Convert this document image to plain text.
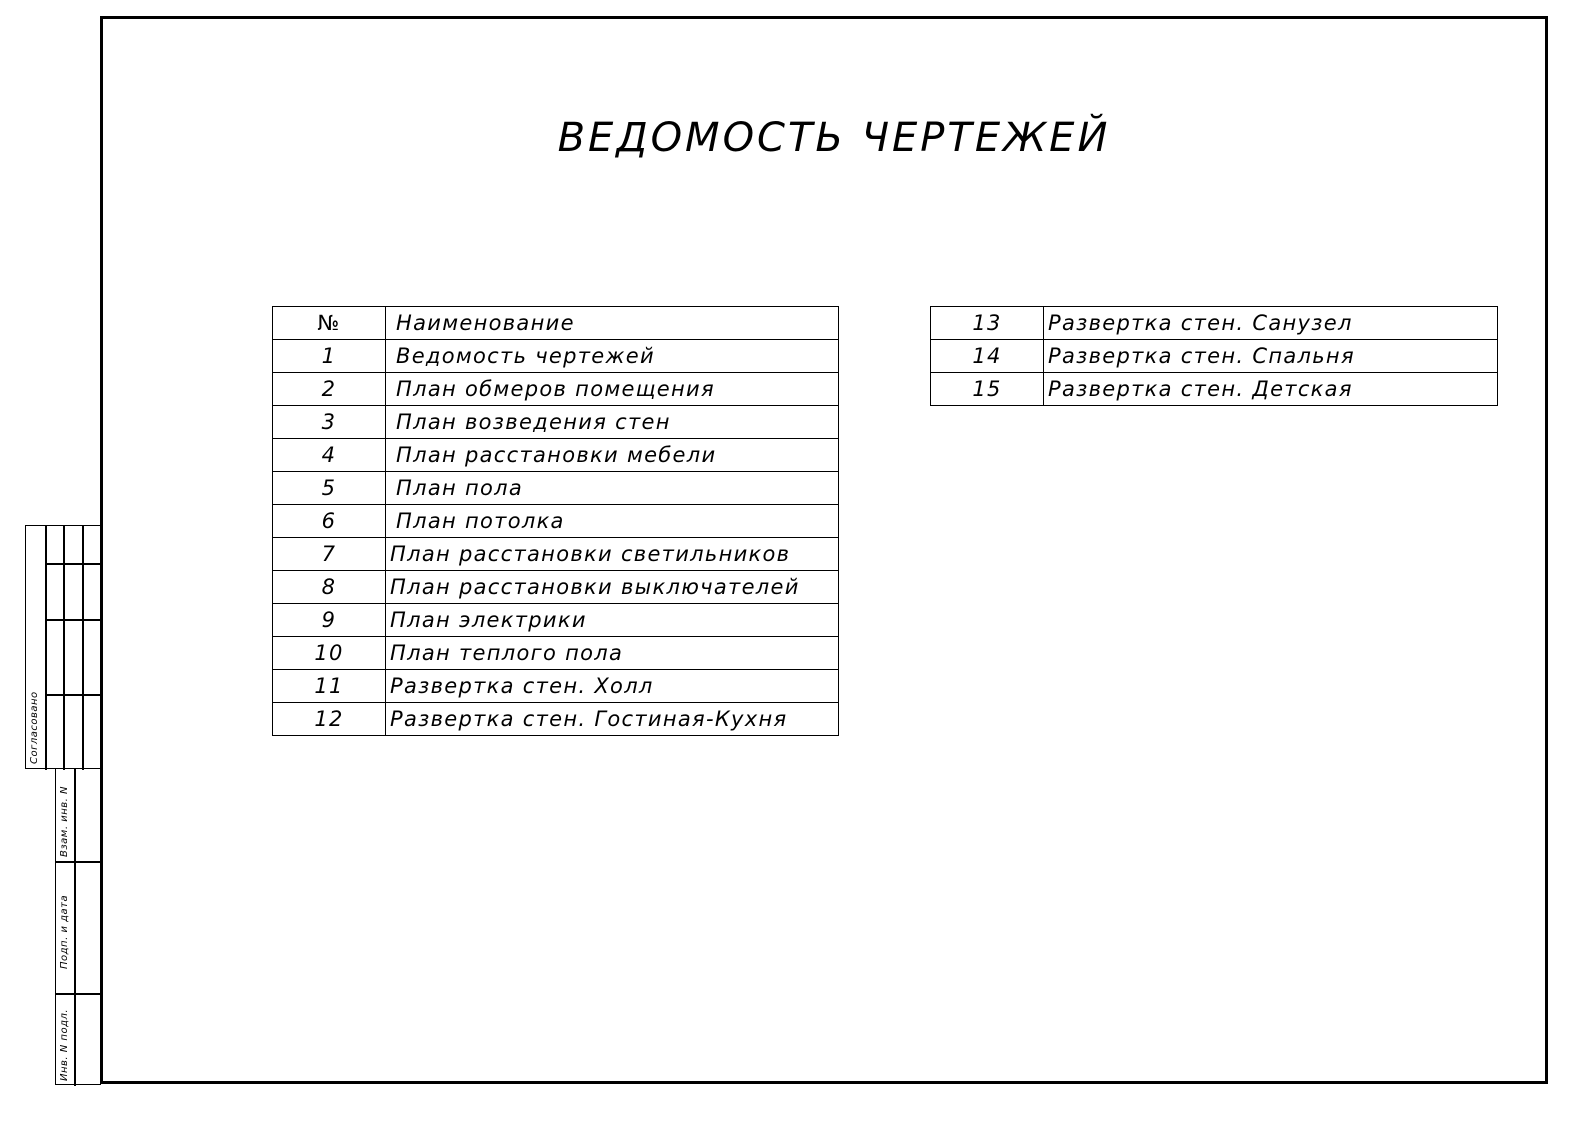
ВЕДОМОСТЬ ЧЕРТЕЖЕЙ
№	Наименование
1	Ведомость чертежей
2	План обмеров помещения
3	План возведения стен
4	План расстановки мебели
5	План пола
6	План потолка
7	План расстановки светильников
8	План расстановки выключателей
9	План электрики
10	План теплого пола
11	Развертка стен. Холл
12	Развертка стен. Гостиная-Кухня
13	Развертка стен. Санузел
14	Развертка стен. Спальня
15	Развертка стен. Детская
Согласовано
Взам. инв. N
Подп. и дата
Инв. N подл.
